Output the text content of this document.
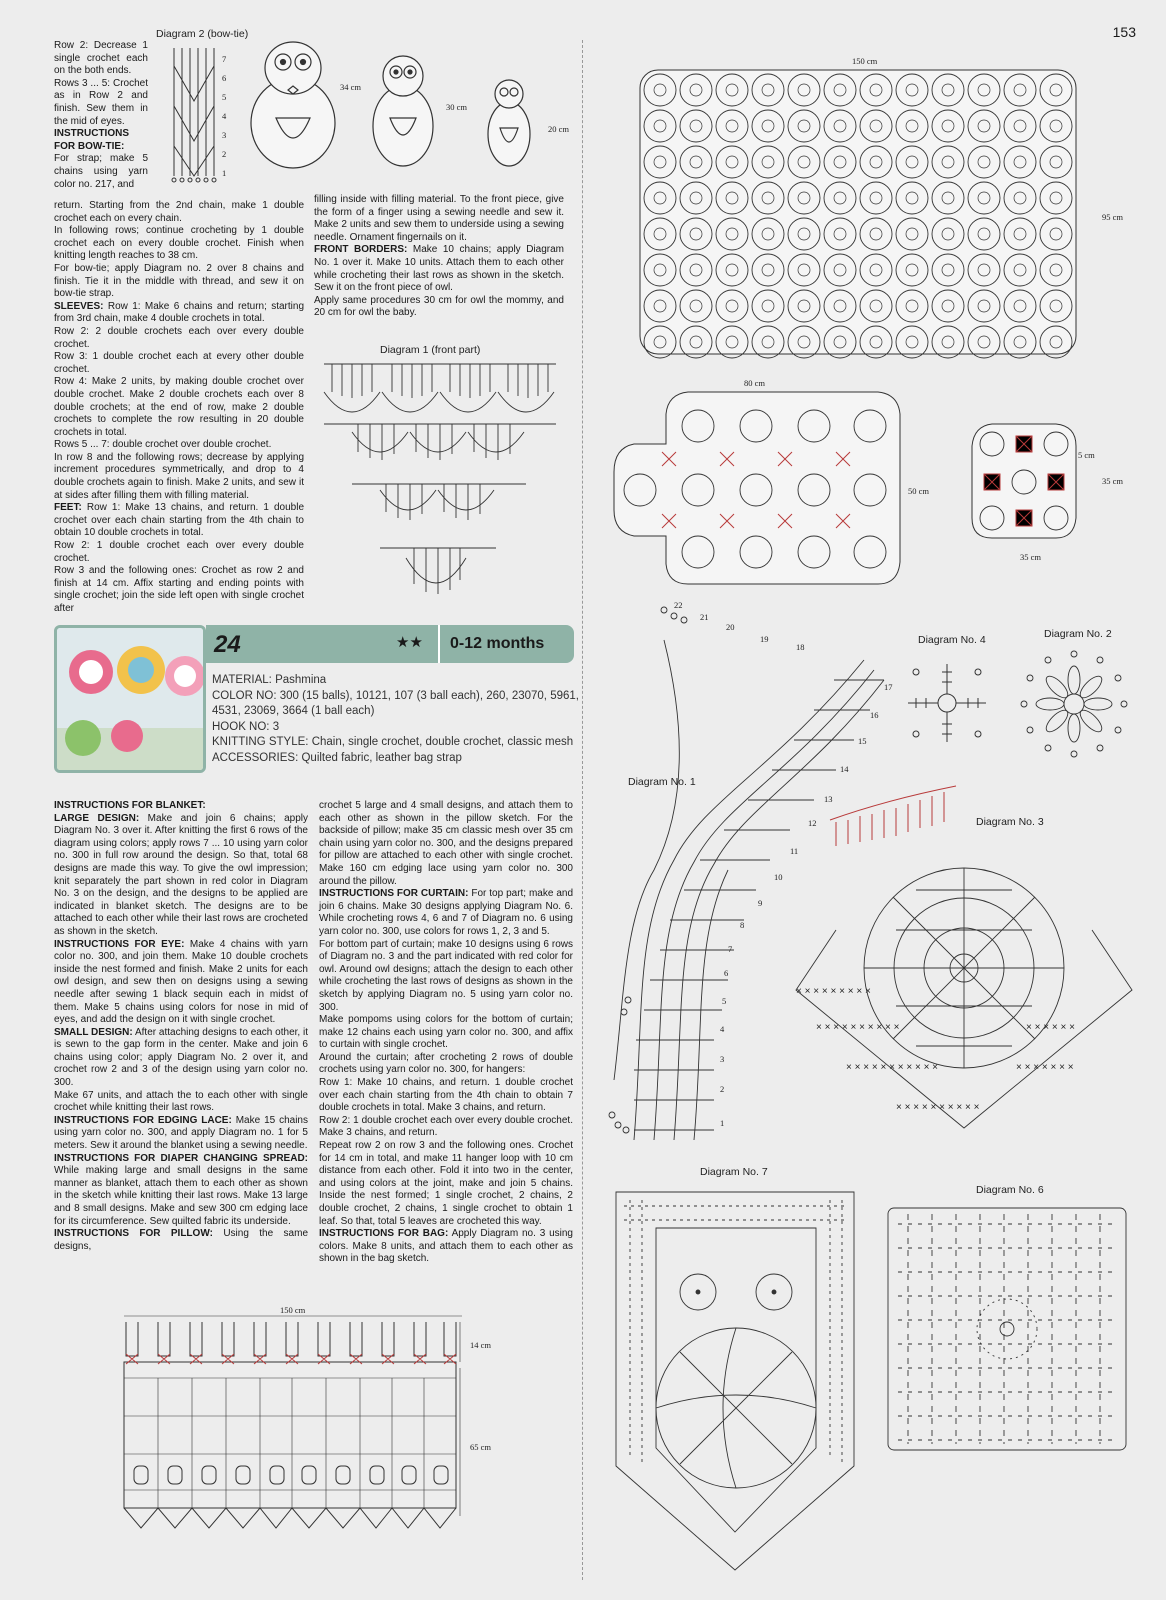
153

Row 2: Decrease 1 single crochet each on the both ends.

Rows 3 ... 5: Crochet as in Row 2 and finish. Sew them in the mid of eyes.

INSTRUCTIONS FOR BOW-TIE:

For strap; make 5 chains using yarn color no. 217, and

return. Starting from the 2nd chain, make 1 double crochet each on every chain.

In following rows; continue crocheting by 1 double crochet each on every double crochet. Finish when knitting length reaches to 38 cm.

For bow-tie; apply Diagram no. 2 over 8 chains and finish. Tie it in the middle with thread, and sew it on bow-tie strap.

SLEEVES: Row 1: Make 6 chains and return; starting from 3rd chain, make 4 double crochets in total.

Row 2: 2 double crochets each over every double crochet.

Row 3: 1 double crochet each at every other double crochet.

Row 4: Make 2 units, by making double crochet over double crochet. Make 2 double crochets each over 8 double crochets; at the end of row, make 2 double crochets to complete the row resulting in 20 double crochets in total.

Rows 5 ... 7: double crochet over double crochet.

In row 8 and the following rows; decrease by applying increment procedures symmetrically, and drop to 4 double crochets again to finish. Make 2 units, and sew it at sides after filling them with filling material.

FEET: Row 1: Make 13 chains, and return. 1 double crochet over each chain starting from the 4th chain to obtain 10 double crochets in total.

Row 2: 1 double crochet each over every double crochet.

Row 3 and the following ones: Crochet as row 2 and finish at 14 cm. Affix starting and ending points with single crochet; join the side left open with single crochet after

Diagram 2 (bow-tie)
7
6
5
4
3
2
1
34 cm
30 cm
20 cm

filling inside with filling material. To the front piece, give the form of a finger using a sewing needle and sew it. Make 2 units and sew them to underside using a sewing needle. Ornament fingernails on it.

FRONT BORDERS: Make 10 chains; apply Diagram No. 1 over it. Make 10 units. Attach them to each other while crocheting their last rows as shown in the sketch. Sew it on the front piece of owl.

Apply same procedures 30 cm for owl the mommy, and 20 cm for owl the baby.

Diagram 1 (front part)
24	★★ 0-12 months
MATERIAL: Pashmina
COLOR NO: 300 (15 balls), 10121, 107 (3 ball each), 260, 23070, 5961, 4531, 23069, 3664 (1 ball each)
HOOK NO: 3
KNITTING STYLE: Chain, single crochet, double crochet, classic mesh
ACCESSORIES: Quilted fabric, leather bag strap

INSTRUCTIONS FOR BLANKET:

LARGE DESIGN: Make and join 6 chains; apply Diagram No. 3 over it. After knitting the first 6 rows of the diagram using colors; apply rows 7 ... 10 using yarn color no. 300 in full row around the design. So that, total 68 designs are made this way. To give the owl impression; knit separately the part shown in red color in Diagram No. 3 on the design, and the designs to be applied are indicated in blanket sketch. The designs are to be attached to each other while their last rows are crocheted as shown in the sketch.

INSTRUCTIONS FOR EYE: Make 4 chains with yarn color no. 300, and join them. Make 10 double crochets inside the nest formed and finish. Make 2 units for each owl design, and sew then on designs using a sewing needle after sewing 1 black sequin each in midst of them. Make 5 chains using colors for nose in mid of eyes, and add the design on it with single crochet.

SMALL DESIGN: After attaching designs to each other, it is sewn to the gap form in the center. Make and join 6 chains using color; apply Diagram No. 2 over it, and crochet row 2 and 3 of the design using yarn color no. 300.

Make 67 units, and attach the to each other with single crochet while knitting their last rows.

INSTRUCTIONS FOR EDGING LACE: Make 15 chains using yarn color no. 300, and apply Diagram no. 1 for 5 meters. Sew it around the blanket using a sewing needle.

INSTRUCTIONS FOR DIAPER CHANGING SPREAD: While making large and small designs in the same manner as blanket, attach them to each other as shown in the sketch while knitting their last rows. Make 13 large and 8 small designs. Make and sew 300 cm edging lace for its circumference. Sew quilted fabric its underside.

INSTRUCTIONS FOR PILLOW: Using the same designs,

crochet 5 large and 4 small designs, and attach them to each other as shown in the pillow sketch. For the backside of pillow; make 35 cm classic mesh over 35 cm chain using yarn color no. 300, and the designs prepared for pillow are attached to each other with single crochet. Make 160 cm edging lace using yarn color no. 300 around the pillow.

INSTRUCTIONS FOR CURTAIN: For top part; make and join 6 chains. Make 30 designs applying Diagram No. 6. While crocheting rows 4, 6 and 7 of Diagram no. 6 using yarn color no. 300, use colors for rows 1, 2, 3 and 5.

For bottom part of curtain; make 10 designs using 6 rows of Diagram no. 3 and the part indicated with red color for owl. Around owl designs; attach the design to each other while crocheting the last rows of designs as shown in the sketch by applying Diagram no. 5 using yarn color no. 300.

Make pompoms using colors for the bottom of curtain; make 12 chains each using yarn color no. 300, and affix to curtain with single crochet.

Around the curtain; after crocheting 2 rows of double crochets using yarn color no. 300, for hangers:

Row 1: Make 10 chains, and return. 1 double crochet over each chain starting from the 4th chain to obtain 7 double crochets in total. Make 3 chains, and return.

Row 2: 1 double crochet each over every double crochet. Make 3 chains, and return.

Repeat row 2 on row 3 and the following ones. Crochet for 14 cm in total, and make 11 hanger loop with 10 cm distance from each other. Fold it into two in the center, and using colors at the joint, make and join 5 chains. Inside the nest formed; 1 single crochet, 2 chains, 2 double crochet, 2 chains, 1 single crochet to obtain 1 leaf. So that, total 5 leaves are crocheted this way.

INSTRUCTIONS FOR BAG: Apply Diagram no. 3 using colors. Make 8 units, and attach them to each other as shown in the bag sketch.

150 cm
14 cm
65 cm
150 cm
95 cm
80 cm
50 cm
5 cm
35 cm
35 cm
Diagram No. 1
22
21
20
19
18
17
16
15
14
13
12
11
10
9
8
7
6
5
4
3
2
1
Diagram No. 4	Diagram No. 2
Diagram No. 3
× × × × × × × × ×
× × × × × × × × × ×
× × × × × × × × × × ×
× × × × × × × × × ×
× × × × × ×
× × × × × × ×
Diagram No. 7
Diagram No. 6
